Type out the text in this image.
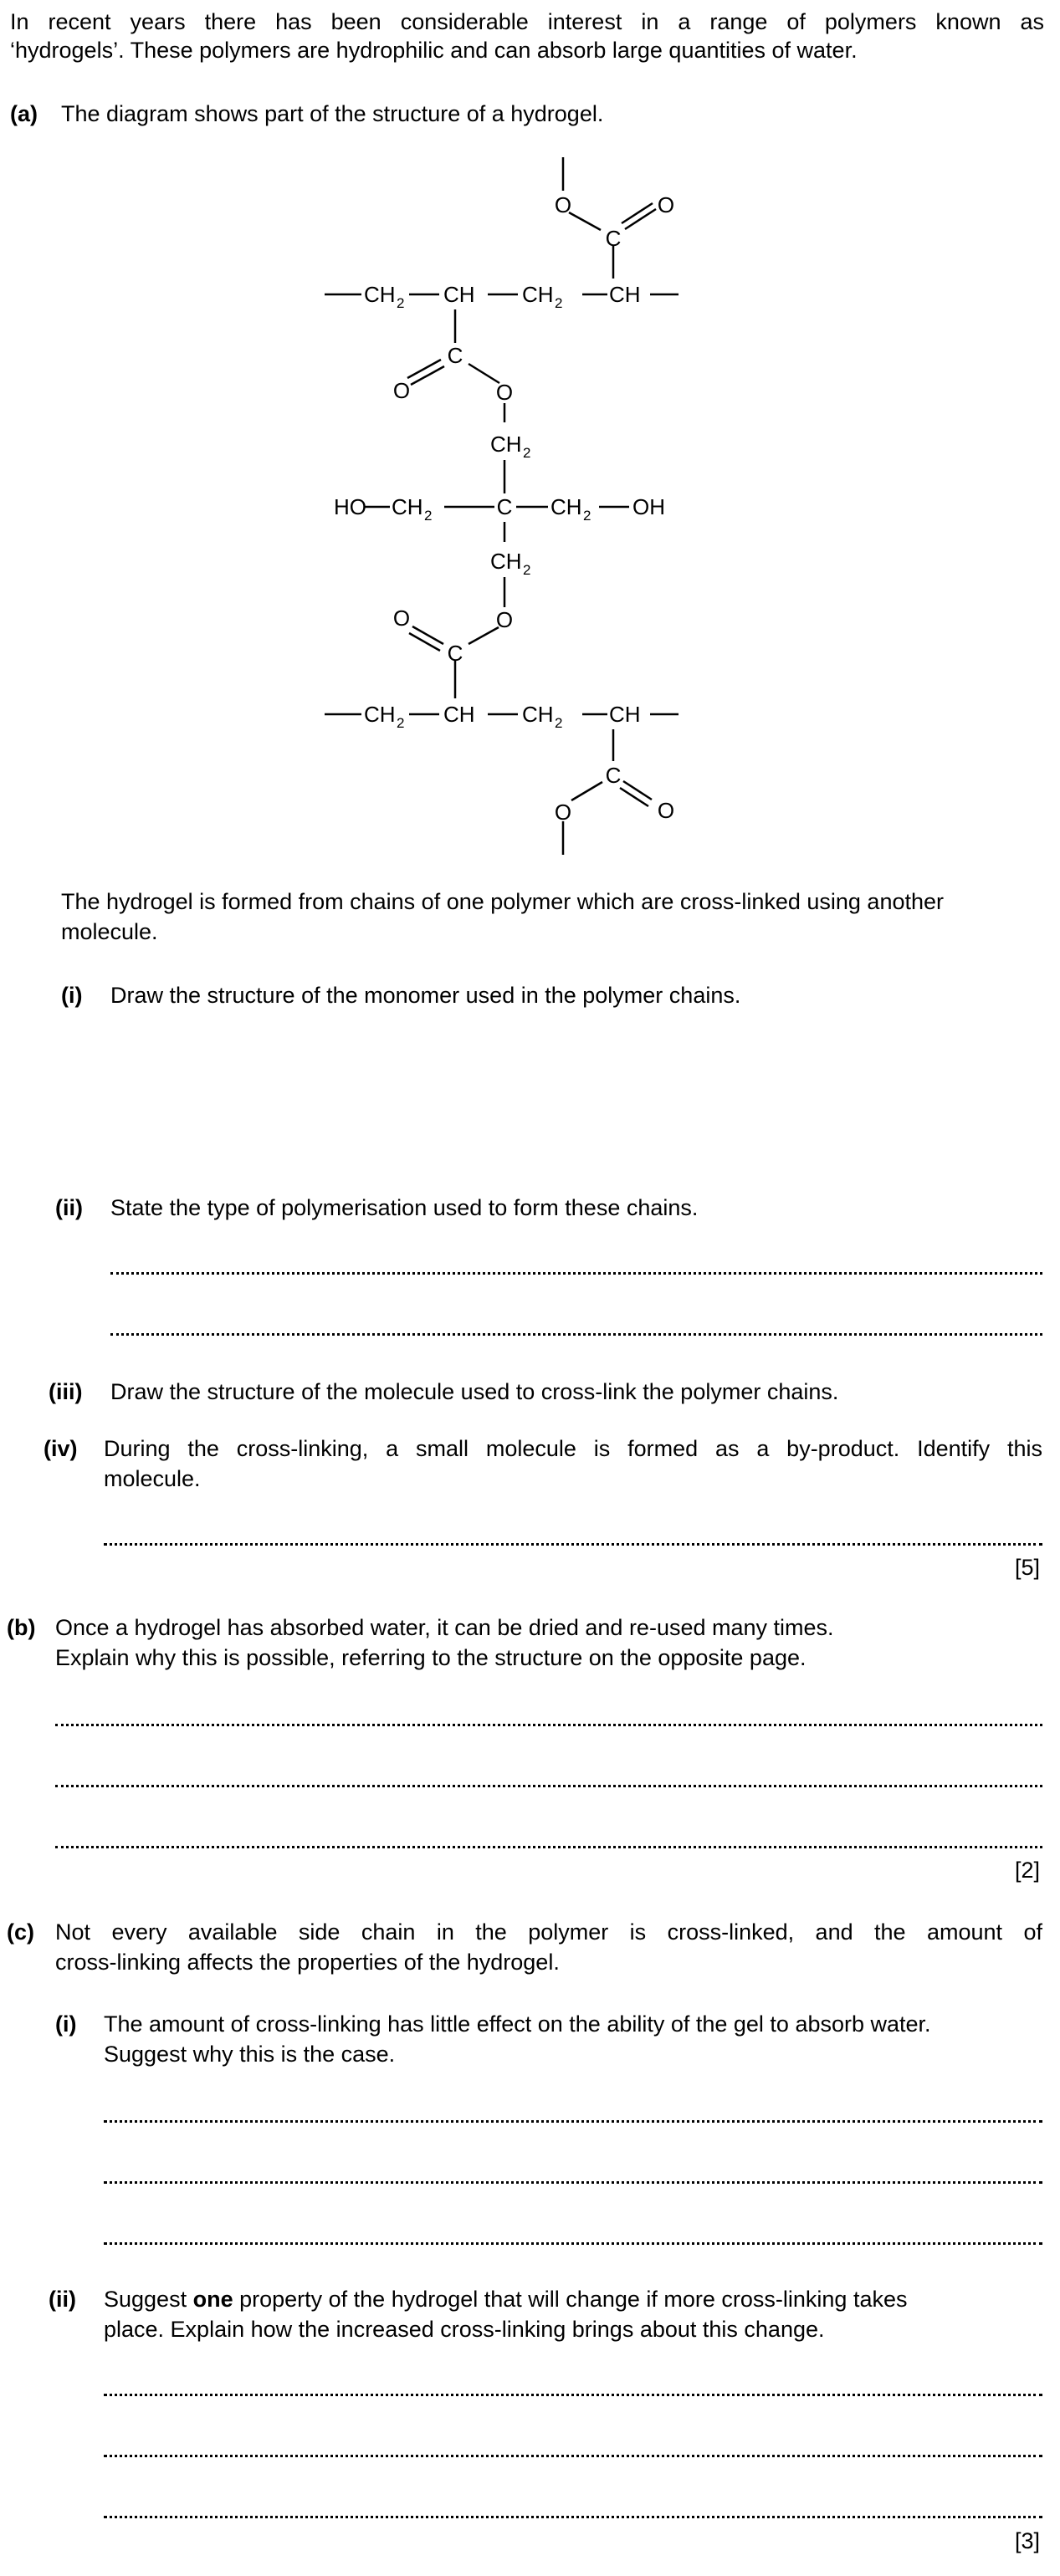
In recent years there has been considerable interest in a range of polymers known as
‘hydrogels’. These polymers are hydrophilic and can absorb large quantities of water.
(a) The diagram shows part of the structure of a hydrogel.
O	O
C
CH 2 CH CH 2 CH
C
O	O
CH 2
HO CH 2	C CH 2 OH
CH 2
O
O
C
CH 2 CH CH 2 CH
C
O	O
The hydrogel is formed from chains of one polymer which are cross-linked using another
molecule.
(i) Draw the structure of the monomer used in the polymer chains.
(ii) State the type of polymerisation used to form these chains.
(iii) Draw the structure of the molecule used to cross-link the polymer chains.
(iv) During the cross-linking, a small molecule is formed as a by-product. Identify this
molecule.
[5]
(b) Once a hydrogel has absorbed water, it can be dried and re-used many times.
Explain why this is possible, referring to the structure on the opposite page.
[2]
(c) Not every available side chain in the polymer is cross-linked, and the amount of
cross-linking affects the properties of the hydrogel.
(i) The amount of cross-linking has little effect on the ability of the gel to absorb water.
Suggest why this is the case.
(ii) Suggest one property of the hydrogel that will change if more cross-linking takes
place. Explain how the increased cross-linking brings about this change.
[3]
